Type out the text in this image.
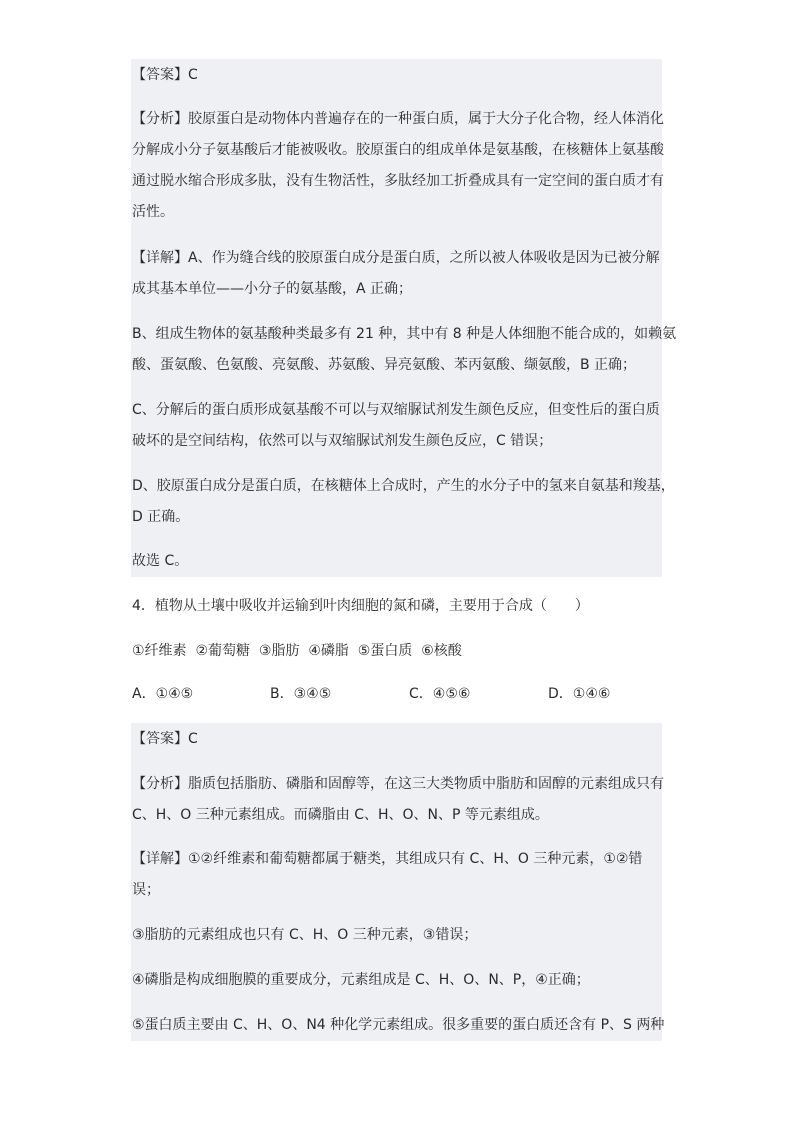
【答案】C
【分析】胶原蛋白是动物体内普遍存在的一种蛋白质，属于大分子化合物，经人体消化
分解成小分子氨基酸后才能被吸收。胶原蛋白的组成单体是氨基酸，在核糖体上氨基酸
通过脱水缩合形成多肽，没有生物活性，多肽经加工折叠成具有一定空间的蛋白质才有
活性。
【详解】A、作为缝合线的胶原蛋白成分是蛋白质，之所以被人体吸收是因为已被分解
成其基本单位——小分子的氨基酸，A 正确；
B、组成生物体的氨基酸种类最多有 21 种，其中有 8 种是人体细胞不能合成的，如赖氨
酸、蛋氨酸、色氨酸、亮氨酸、苏氨酸、异亮氨酸、苯丙氨酸、缬氨酸，B 正确；
C、分解后的蛋白质形成氨基酸不可以与双缩脲试剂发生颜色反应，但变性后的蛋白质
破坏的是空间结构，依然可以与双缩脲试剂发生颜色反应，C 错误；
D、胶原蛋白成分是蛋白质，在核糖体上合成时，产生的水分子中的氢来自氨基和羧基，
D 正确。
故选 C。
4．植物从土壤中吸收并运输到叶肉细胞的氮和磷，主要用于合成（　　）
①纤维素  ②葡萄糖  ③脂肪  ④磷脂  ⑤蛋白质  ⑥核酸
A．①④⑤	B．③④⑤	C．④⑤⑥	D．①④⑥
【答案】C
【分析】脂质包括脂肪、磷脂和固醇等，在这三大类物质中脂肪和固醇的元素组成只有
C、H、O 三种元素组成。而磷脂由 C、H、O、N、P 等元素组成。
【详解】①②纤维素和葡萄糖都属于糖类，其组成只有 C、H、O 三种元素，①②错
误；
③脂肪的元素组成也只有 C、H、O 三种元素，③错误；
④磷脂是构成细胞膜的重要成分，元素组成是 C、H、O、N、P，④正确；
⑤蛋白质主要由 C、H、O、N4 种化学元素组成。很多重要的蛋白质还含有 P、S 两种
